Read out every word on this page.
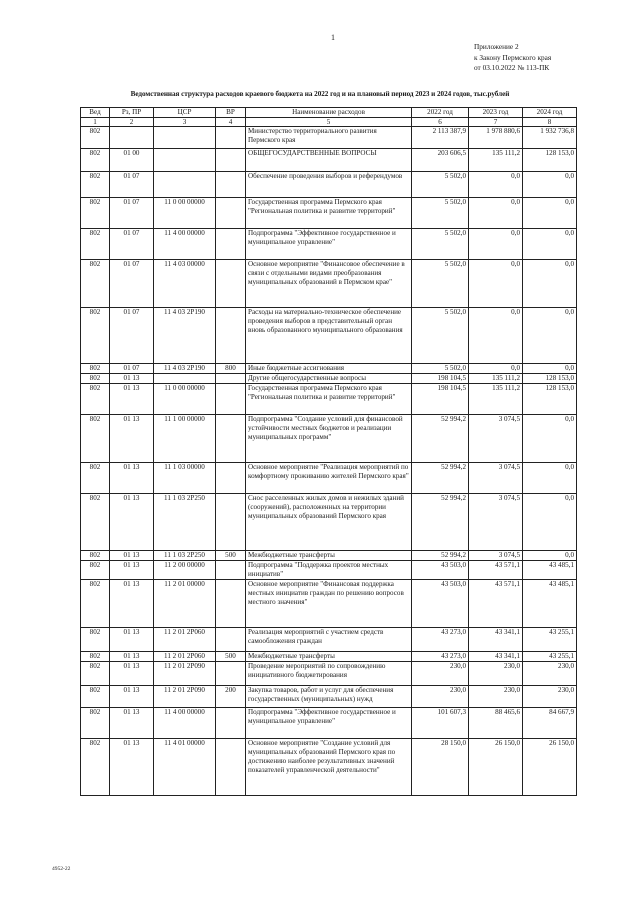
1
Приложение 2
к Закону Пермского края
от 03.10.2022 № 113-ПК
Ведомственная структура расходов краевого бюджета на 2022 год и на плановый период 2023 и 2024 годов, тыс.рублей
Вед	Рз, ПР	ЦСР	ВР	Наименование расходов	2022 год	2023 год	2024 год
1	2	3	4	5	6	7	8
802				Министерство территориального развития Пермского края	2 113 387,9	1 978 880,6	1 932 736,8
802	01 00			ОБЩЕГОСУДАРСТВЕННЫЕ ВОПРОСЫ	203 606,5	135 111,2	128 153,0
802	01 07			Обеспечение проведения выборов и референдумов	5 502,0	0,0	0,0
802	01 07	11 0 00 00000		Государственная программа Пермского края "Региональная политика и развитие территорий"	5 502,0	0,0	0,0
802	01 07	11 4 00 00000		Подпрограмма "Эффективное государственное и муниципальное управление"	5 502,0	0,0	0,0
802	01 07	11 4 03 00000		Основное мероприятие "Финансовое обеспечение в связи с отдельными видами преобразования муниципальных образований в Пермском крае"	5 502,0	0,0	0,0
802	01 07	11 4 03 2P190		Расходы на материально-техническое обеспечение проведения выборов в представительный орган вновь образованного муниципального образования	5 502,0	0,0	0,0
802	01 07	11 4 03 2P190	800	Иные бюджетные ассигнования	5 502,0	0,0	0,0
802	01 13			Другие общегосударственные вопросы	198 104,5	135 111,2	128 153,0
802	01 13	11 0 00 00000		Государственная программа Пермского края "Региональная политика и развитие территорий"	198 104,5	135 111,2	128 153,0
802	01 13	11 1 00 00000		Подпрограмма "Создание условий для финансовой устойчивости местных бюджетов и реализации муниципальных программ"	52 994,2	3 074,5	0,0
802	01 13	11 1 03 00000		Основное мероприятие "Реализация мероприятий по комфортному проживанию жителей Пермского края"	52 994,2	3 074,5	0,0
802	01 13	11 1 03 2P250		Снос расселенных жилых домов и нежилых зданий (сооружений), расположенных на территории муниципальных образований Пермского края	52 994,2	3 074,5	0,0
802	01 13	11 1 03 2P250	500	Межбюджетные трансферты	52 994,2	3 074,5	0,0
802	01 13	11 2 00 00000		Подпрограмма "Поддержка проектов местных инициатив"	43 503,0	43 571,1	43 485,1
802	01 13	11 2 01 00000		Основное мероприятие "Финансовая поддержка местных инициатив граждан по решению вопросов местного значения"	43 503,0	43 571,1	43 485,1
802	01 13	11 2 01 2P060		Реализация мероприятий с участием средств самообложения граждан	43 273,0	43 341,1	43 255,1
802	01 13	11 2 01 2P060	500	Межбюджетные трансферты	43 273,0	43 341,1	43 255,1
802	01 13	11 2 01 2P090		Проведение мероприятий по сопровождению инициативного бюджетирования	230,0	230,0	230,0
802	01 13	11 2 01 2P090	200	Закупка товаров, работ и услуг для обеспечения государственных (муниципальных) нужд	230,0	230,0	230,0
802	01 13	11 4 00 00000		Подпрограмма "Эффективное государственное и муниципальное управление"	101 607,3	88 465,6	84 667,9
802	01 13	11 4 01 00000		Основное мероприятие "Создание условий для муниципальных образований Пермского края по достижению наиболее результативных значений показателей управленческой деятельности"	28 150,0	26 150,0	26 150,0
4952-22
